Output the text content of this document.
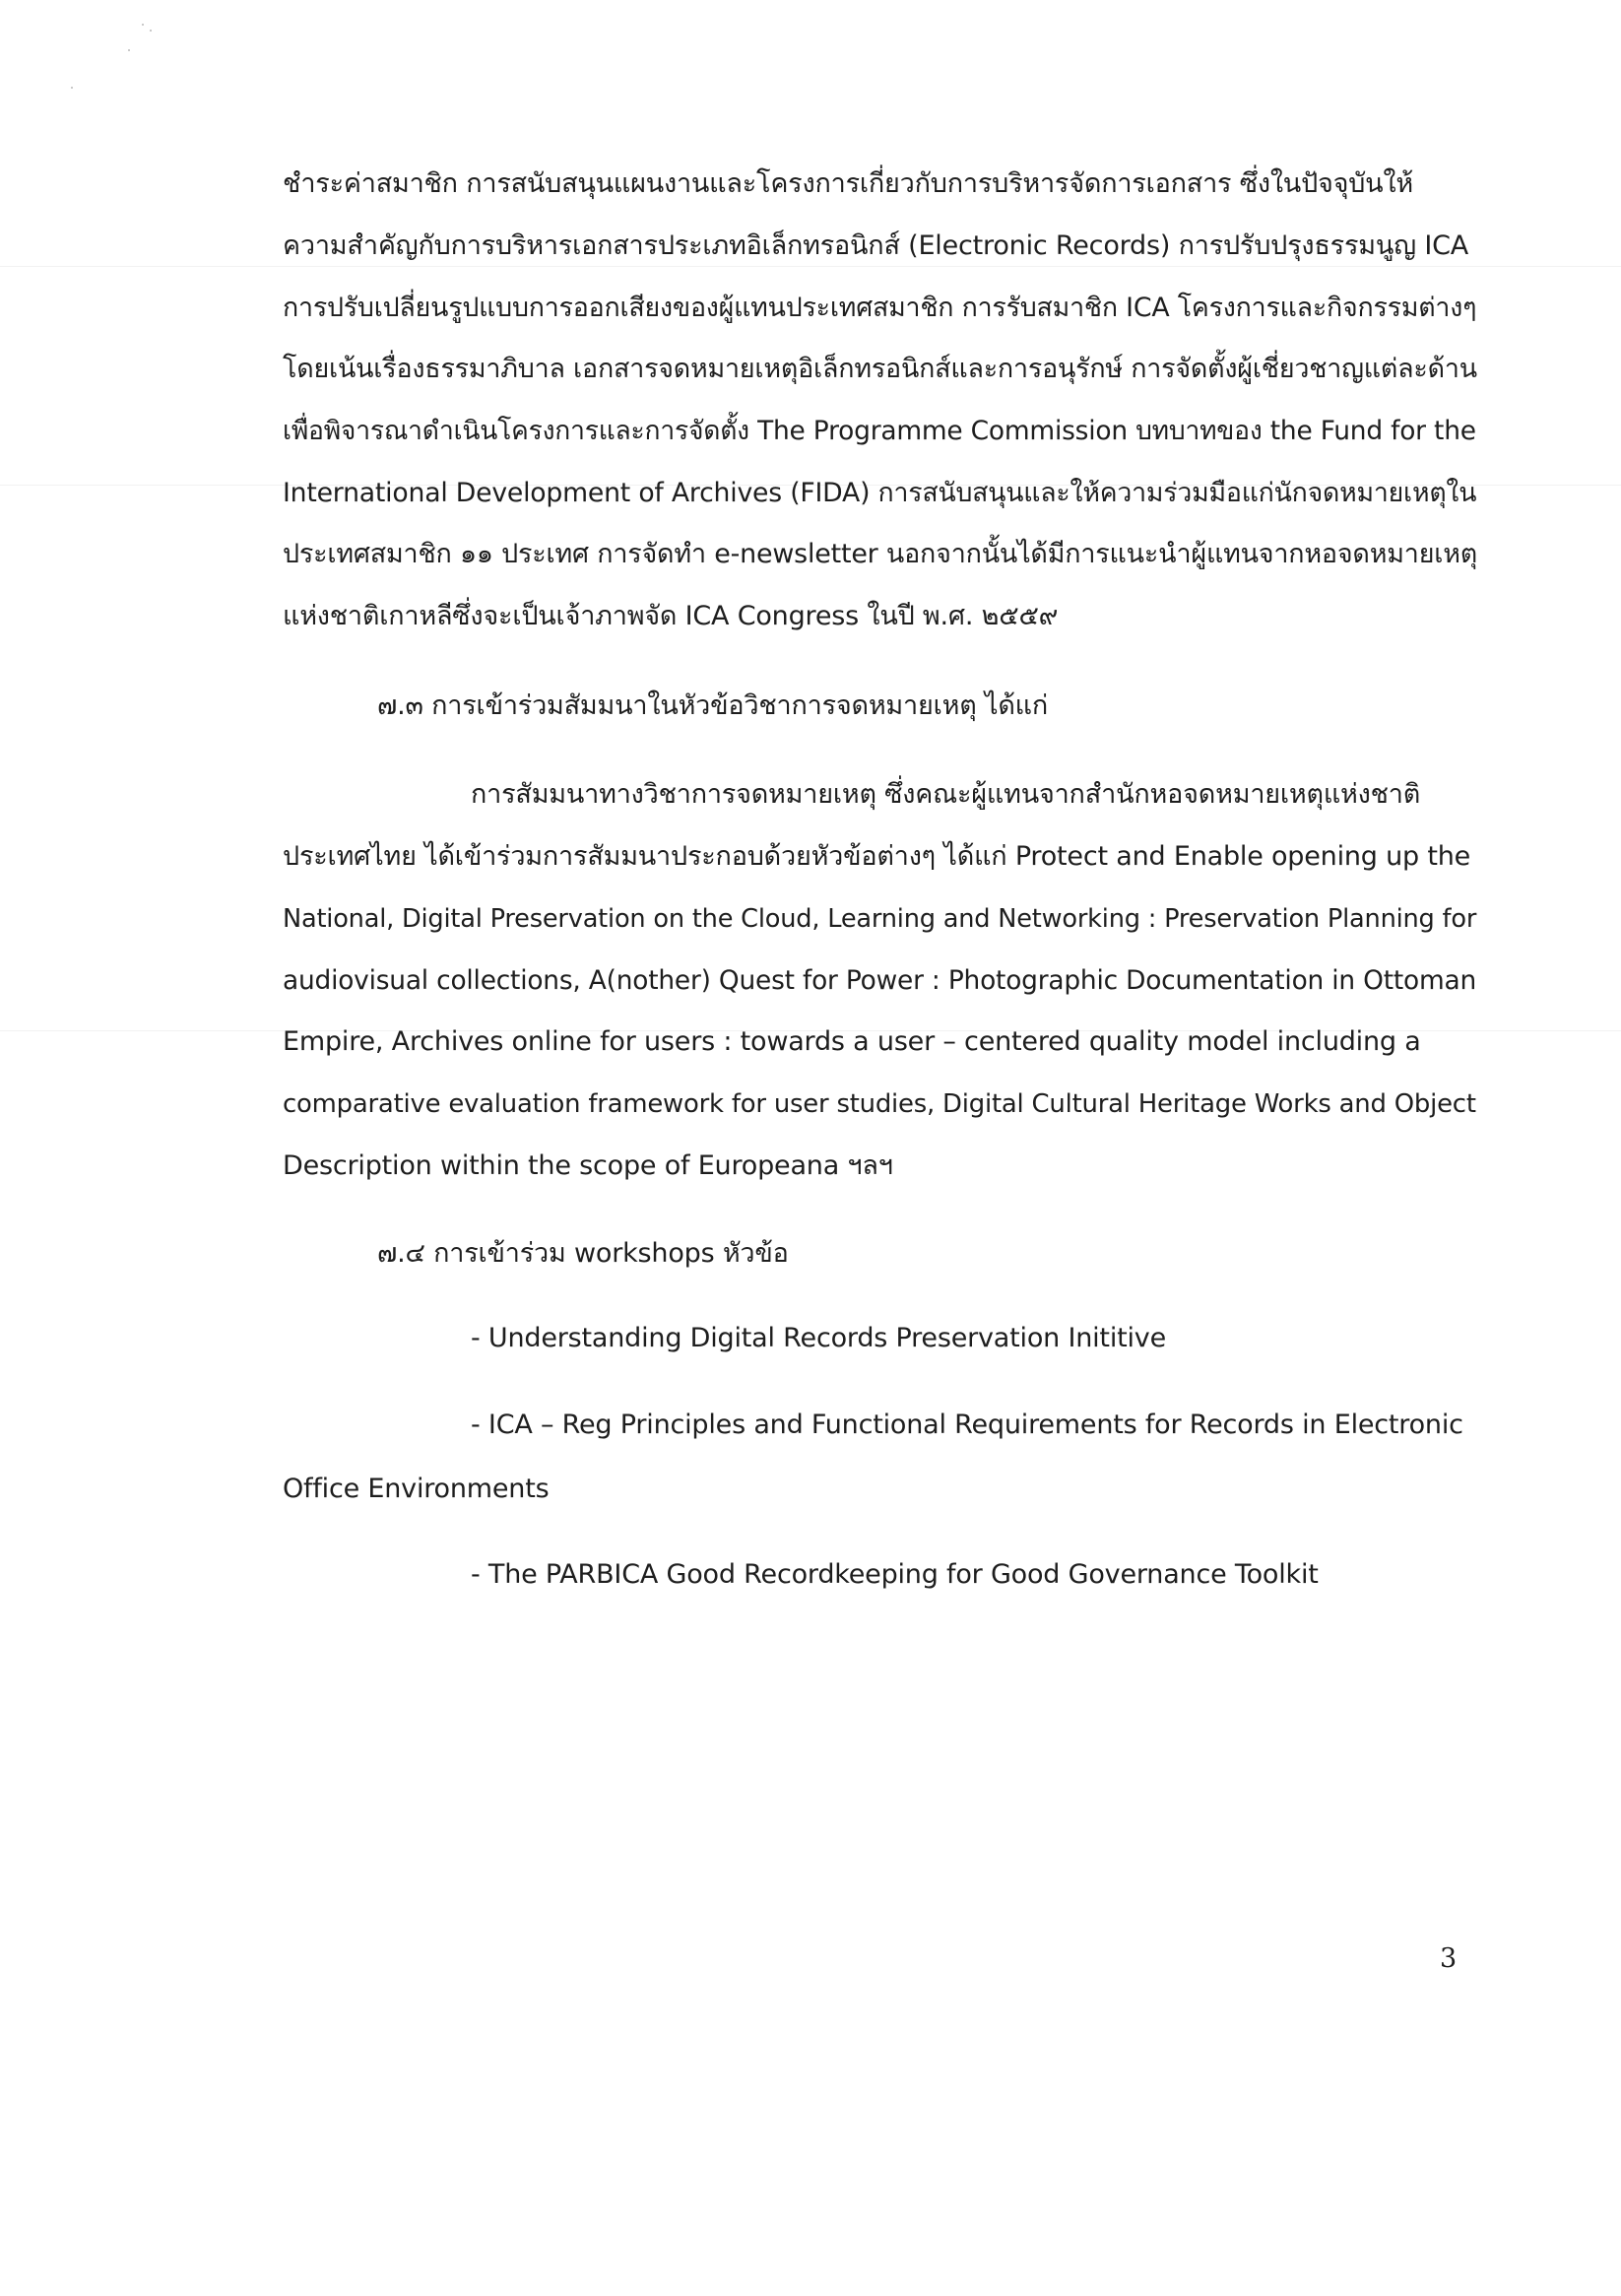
ชำระค่าสมาชิก การสนับสนุนแผนงานและโครงการเกี่ยวกับการบริหารจัดการเอกสาร ซึ่งในปัจจุบันให้
ความสำคัญกับการบริหารเอกสารประเภทอิเล็กทรอนิกส์ (Electronic Records) การปรับปรุงธรรมนูญ ICA
การปรับเปลี่ยนรูปแบบการออกเสียงของผู้แทนประเทศสมาชิก การรับสมาชิก ICA โครงการและกิจกรรมต่างๆ
โดยเน้นเรื่องธรรมาภิบาล เอกสารจดหมายเหตุอิเล็กทรอนิกส์และการอนุรักษ์ การจัดตั้งผู้เชี่ยวชาญแต่ละด้าน
เพื่อพิจารณาดำเนินโครงการและการจัดตั้ง The Programme Commission บทบาทของ the Fund for the
International Development of Archives (FIDA) การสนับสนุนและให้ความร่วมมือแก่นักจดหมายเหตุใน
ประเทศสมาชิก ๑๑ ประเทศ การจัดทำ e-newsletter นอกจากนั้นได้มีการแนะนำผู้แทนจากหอจดหมายเหตุ
แห่งชาติเกาหลีซึ่งจะเป็นเจ้าภาพจัด ICA Congress ในปี พ.ศ. ๒๕๕๙
๗.๓ การเข้าร่วมสัมมนาในหัวข้อวิชาการจดหมายเหตุ ได้แก่
การสัมมนาทางวิชาการจดหมายเหตุ ซึ่งคณะผู้แทนจากสำนักหอจดหมายเหตุแห่งชาติ
ประเทศไทย ได้เข้าร่วมการสัมมนาประกอบด้วยหัวข้อต่างๆ ได้แก่ Protect and Enable opening up the
National, Digital Preservation on the Cloud, Learning and Networking : Preservation Planning for
audiovisual collections, A(nother) Quest for Power : Photographic Documentation in Ottoman
Empire, Archives online for users : towards a user – centered quality model including a
comparative evaluation framework for user studies, Digital Cultural Heritage Works and Object
Description within the scope of Europeana ฯลฯ
๗.๔ การเข้าร่วม workshops หัวข้อ
- Understanding Digital Records Preservation Inititive
- ICA – Reg Principles and Functional Requirements for Records in Electronic
Office Environments
- The PARBICA Good Recordkeeping for Good Governance Toolkit
3
